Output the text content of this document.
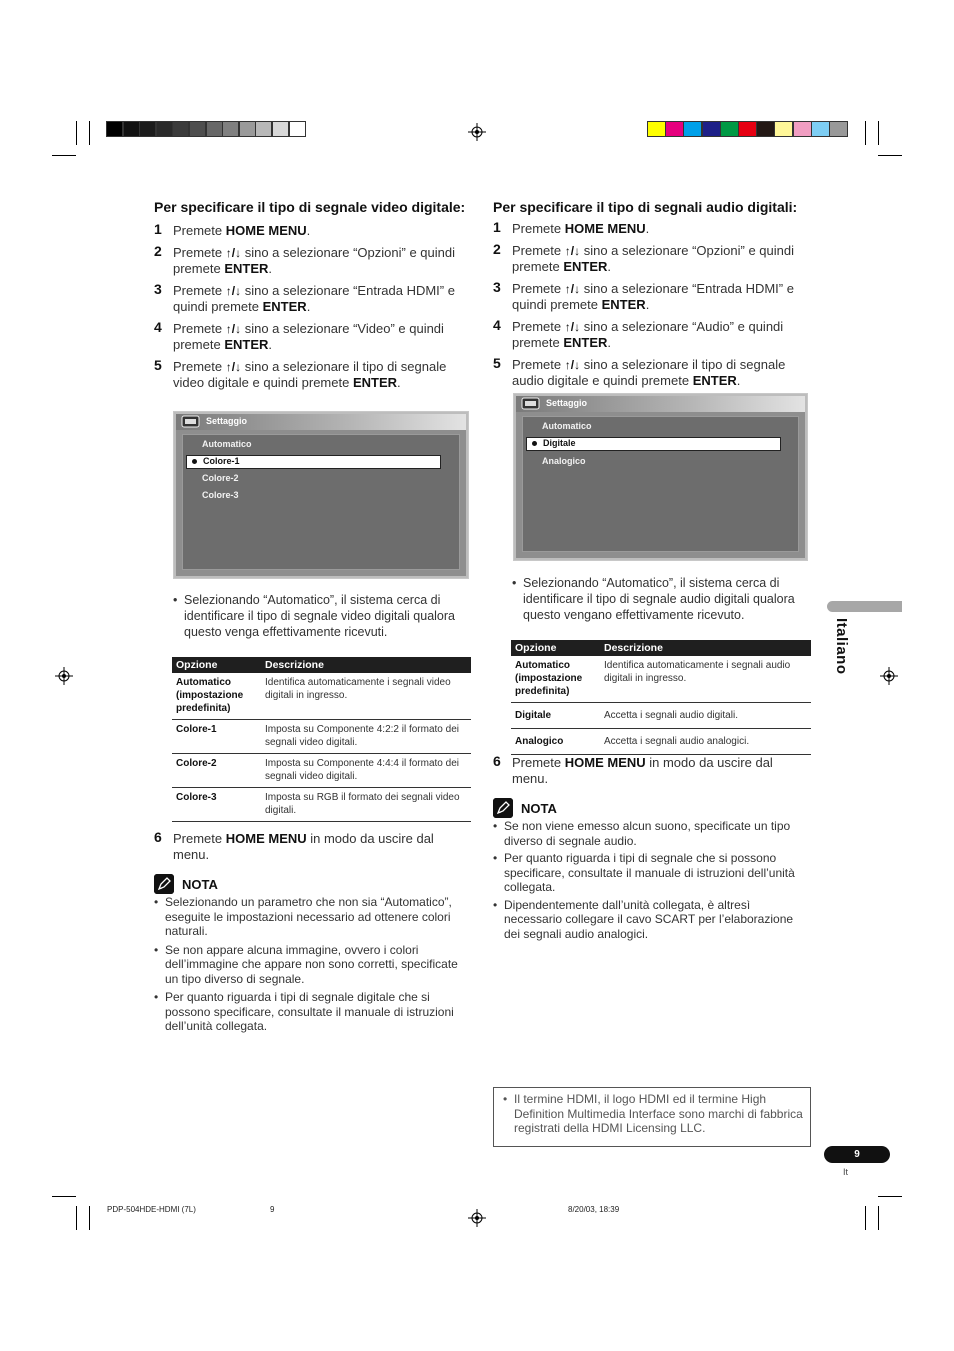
Per specificare il tipo di segnale video digitale:

1 Premete HOME MENU.
2 Premete ↑/↓ sino a selezionare “Opzioni” e quindi premete ENTER.
3 Premete ↑/↓ sino a selezionare “Entrada HDMI” e quindi premete ENTER.
4 Premete ↑/↓ sino a selezionare “Video” e quindi premete ENTER.
5 Premete ↑/↓ sino a selezionare il tipo di segnale video digitale e quindi premete ENTER.
Settaggio
Automatico
Colore-1
Colore-2
Colore-3

• Selezionando “Automatico”, il sistema cerca di identificare il tipo di segnale video digitali qualora questo venga effettivamente ricevuti.

Opzione	Descrizione
Automatico (impostazione predefinita)	Identifica automaticamente i segnali video digitali in ingresso.
Colore-1	Imposta su Componente 4:2:2 il formato dei segnali video digitali.
Colore-2	Imposta su Componente 4:4:4 il formato dei segnali video digitali.
Colore-3	Imposta su RGB il formato dei segnali video digitali.
6 Premete HOME MENU in modo da uscire dal menu.
NOTA

• Selezionando un parametro che non sia “Automatico”, eseguite le impostazioni necessario ad ottenere colori naturali.

• Se non appare alcuna immagine, ovvero i colori dell’immagine che appare non sono corretti, specificate un tipo diverso di segnale.

• Per quanto riguarda i tipi di segnale digitale che si possono specificare, consultate il manuale di istruzioni dell’unità collegata.

Per specificare il tipo di segnali audio digitali:

1 Premete HOME MENU.
2 Premete ↑/↓ sino a selezionare “Opzioni” e quindi premete ENTER.
3 Premete ↑/↓ sino a selezionare “Entrada HDMI” e quindi premete ENTER.
4 Premete ↑/↓ sino a selezionare “Audio” e quindi premete ENTER.
5 Premete ↑/↓ sino a selezionare il tipo di segnale audio digitale e quindi premete ENTER.
Settaggio
Automatico
Digitale
Analogico

• Selezionando “Automatico”, il sistema cerca di identificare il tipo di segnale audio digitali qualora questo vengano effettivamente ricevuto.

Opzione	Descrizione
Automatico (impostazione predefinita)	Identifica automaticamente i segnali audio digitali in ingresso.
Digitale	Accetta i segnali audio digitali.
Analogico	Accetta i segnali audio analogici.
6 Premete HOME MENU in modo da uscire dal menu.
NOTA

• Se non viene emesso alcun suono, specificate un tipo diverso di segnale audio.

• Per quanto riguarda i tipi di segnale che si possono specificare, consultate il manuale di istruzioni dell’unità collegata.

• Dipendentemente dall’unità collegata, è altresì necessario collegare il cavo SCART per l’elaborazione dei segnali audio analogici.

• Il termine HDMI, il logo HDMI ed il termine High Definition Multimedia Interface sono marchi di fabbrica registrati della HDMI Licensing LLC.

Italiano
9
It
PDP-504HDE-HDMI (7L)	9	8/20/03, 18:39
